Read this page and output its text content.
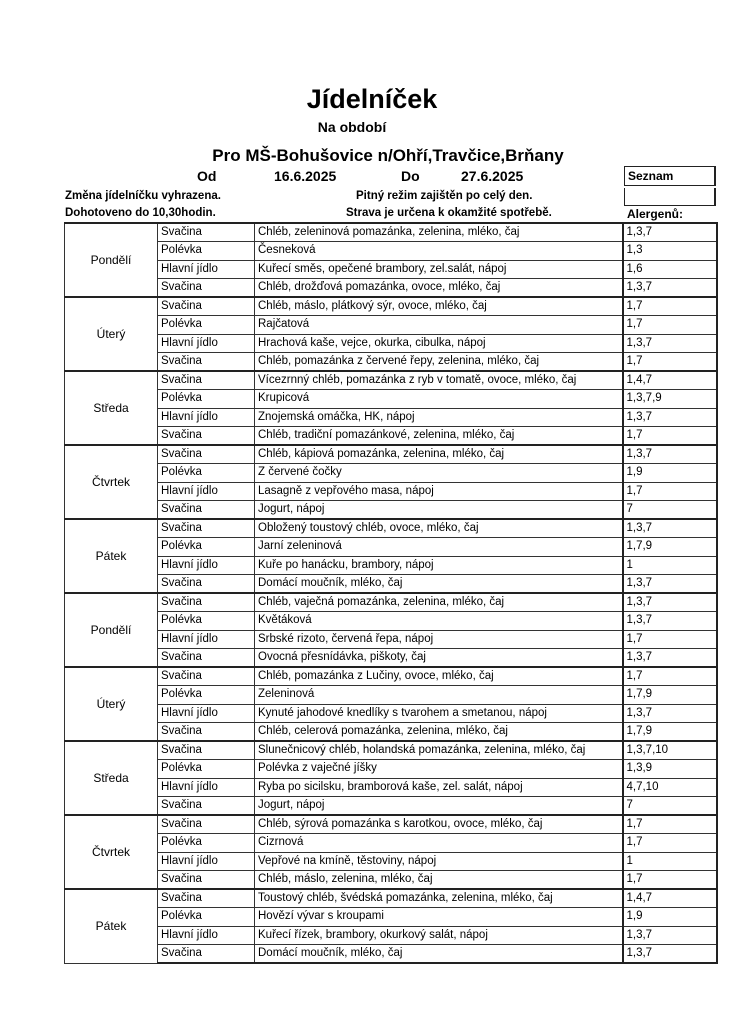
Jídelníček
Na období
Pro MŠ-Bohušovice n/Ohří,Travčice,Brňany
Od	16.6.2025	Do	27.6.2025
Změna jídelníčku vyhrazena.
Dohotoveno do 10,30hodin.
Pitný režim zajištěn po celý den.
Strava je určena k okamžité spotřebě.
Seznam
Alergenů:
Pondělí	Svačina	Chléb, zeleninová pomazánka, zelenina, mléko, čaj	1,3,7
	Polévka	Česneková	1,3
	Hlavní jídlo	Kuřecí směs, opečené brambory, zel.salát, nápoj	1,6
	Svačina	Chléb, drožďová pomazánka, ovoce, mléko, čaj	1,3,7
Úterý	Svačina	Chléb, máslo, plátkový sýr, ovoce, mléko, čaj	1,7
	Polévka	Rajčatová	1,7
	Hlavní jídlo	Hrachová kaše, vejce, okurka, cibulka, nápoj	1,3,7
	Svačina	Chléb, pomazánka z červené řepy, zelenina, mléko, čaj	1,7
Středa	Svačina	Vícezrnný chléb, pomazánka z ryb v tomatě, ovoce, mléko, čaj	1,4,7
	Polévka	Krupicová	1,3,7,9
	Hlavní jídlo	Znojemská omáčka, HK, nápoj	1,3,7
	Svačina	Chléb, tradiční pomazánkové, zelenina, mléko, čaj	1,7
Čtvrtek	Svačina	Chléb, kápiová pomazánka, zelenina, mléko, čaj	1,3,7
	Polévka	Z červené čočky	1,9
	Hlavní jídlo	Lasagně z vepřového masa, nápoj	1,7
	Svačina	Jogurt, nápoj	7
Pátek	Svačina	Obložený toustový chléb, ovoce, mléko, čaj	1,3,7
	Polévka	Jarní zeleninová	1,7,9
	Hlavní jídlo	Kuře po hanácku, brambory, nápoj	1
	Svačina	Domácí moučník, mléko, čaj	1,3,7
Pondělí	Svačina	Chléb, vaječná pomazánka, zelenina, mléko, čaj	1,3,7
	Polévka	Květáková	1,3,7
	Hlavní jídlo	Srbské rizoto, červená řepa, nápoj	1,7
	Svačina	Ovocná přesnídávka, piškoty, čaj	1,3,7
Úterý	Svačina	Chléb, pomazánka z Lučiny, ovoce, mléko, čaj	1,7
	Polévka	Zeleninová	1,7,9
	Hlavní jídlo	Kynuté jahodové knedlíky s tvarohem a smetanou, nápoj	1,3,7
	Svačina	Chléb, celerová pomazánka, zelenina, mléko, čaj	1,7,9
Středa	Svačina	Slunečnicový chléb, holandská pomazánka, zelenina, mléko, čaj	1,3,7,10
	Polévka	Polévka z vaječné jíšky	1,3,9
	Hlavní jídlo	Ryba po sicilsku, bramborová kaše, zel. salát, nápoj	4,7,10
	Svačina	Jogurt, nápoj	7
Čtvrtek	Svačina	Chléb, sýrová pomazánka s karotkou, ovoce, mléko, čaj	1,7
	Polévka	Cizrnová	1,7
	Hlavní jídlo	Vepřové na kmíně, těstoviny, nápoj	1
	Svačina	Chléb, máslo, zelenina, mléko, čaj	1,7
Pátek	Svačina	Toustový chléb, švédská pomazánka, zelenina, mléko, čaj	1,4,7
	Polévka	Hovězí vývar s kroupami	1,9
	Hlavní jídlo	Kuřecí řízek, brambory, okurkový salát, nápoj	1,3,7
	Svačina	Domácí moučník, mléko, čaj	1,3,7
